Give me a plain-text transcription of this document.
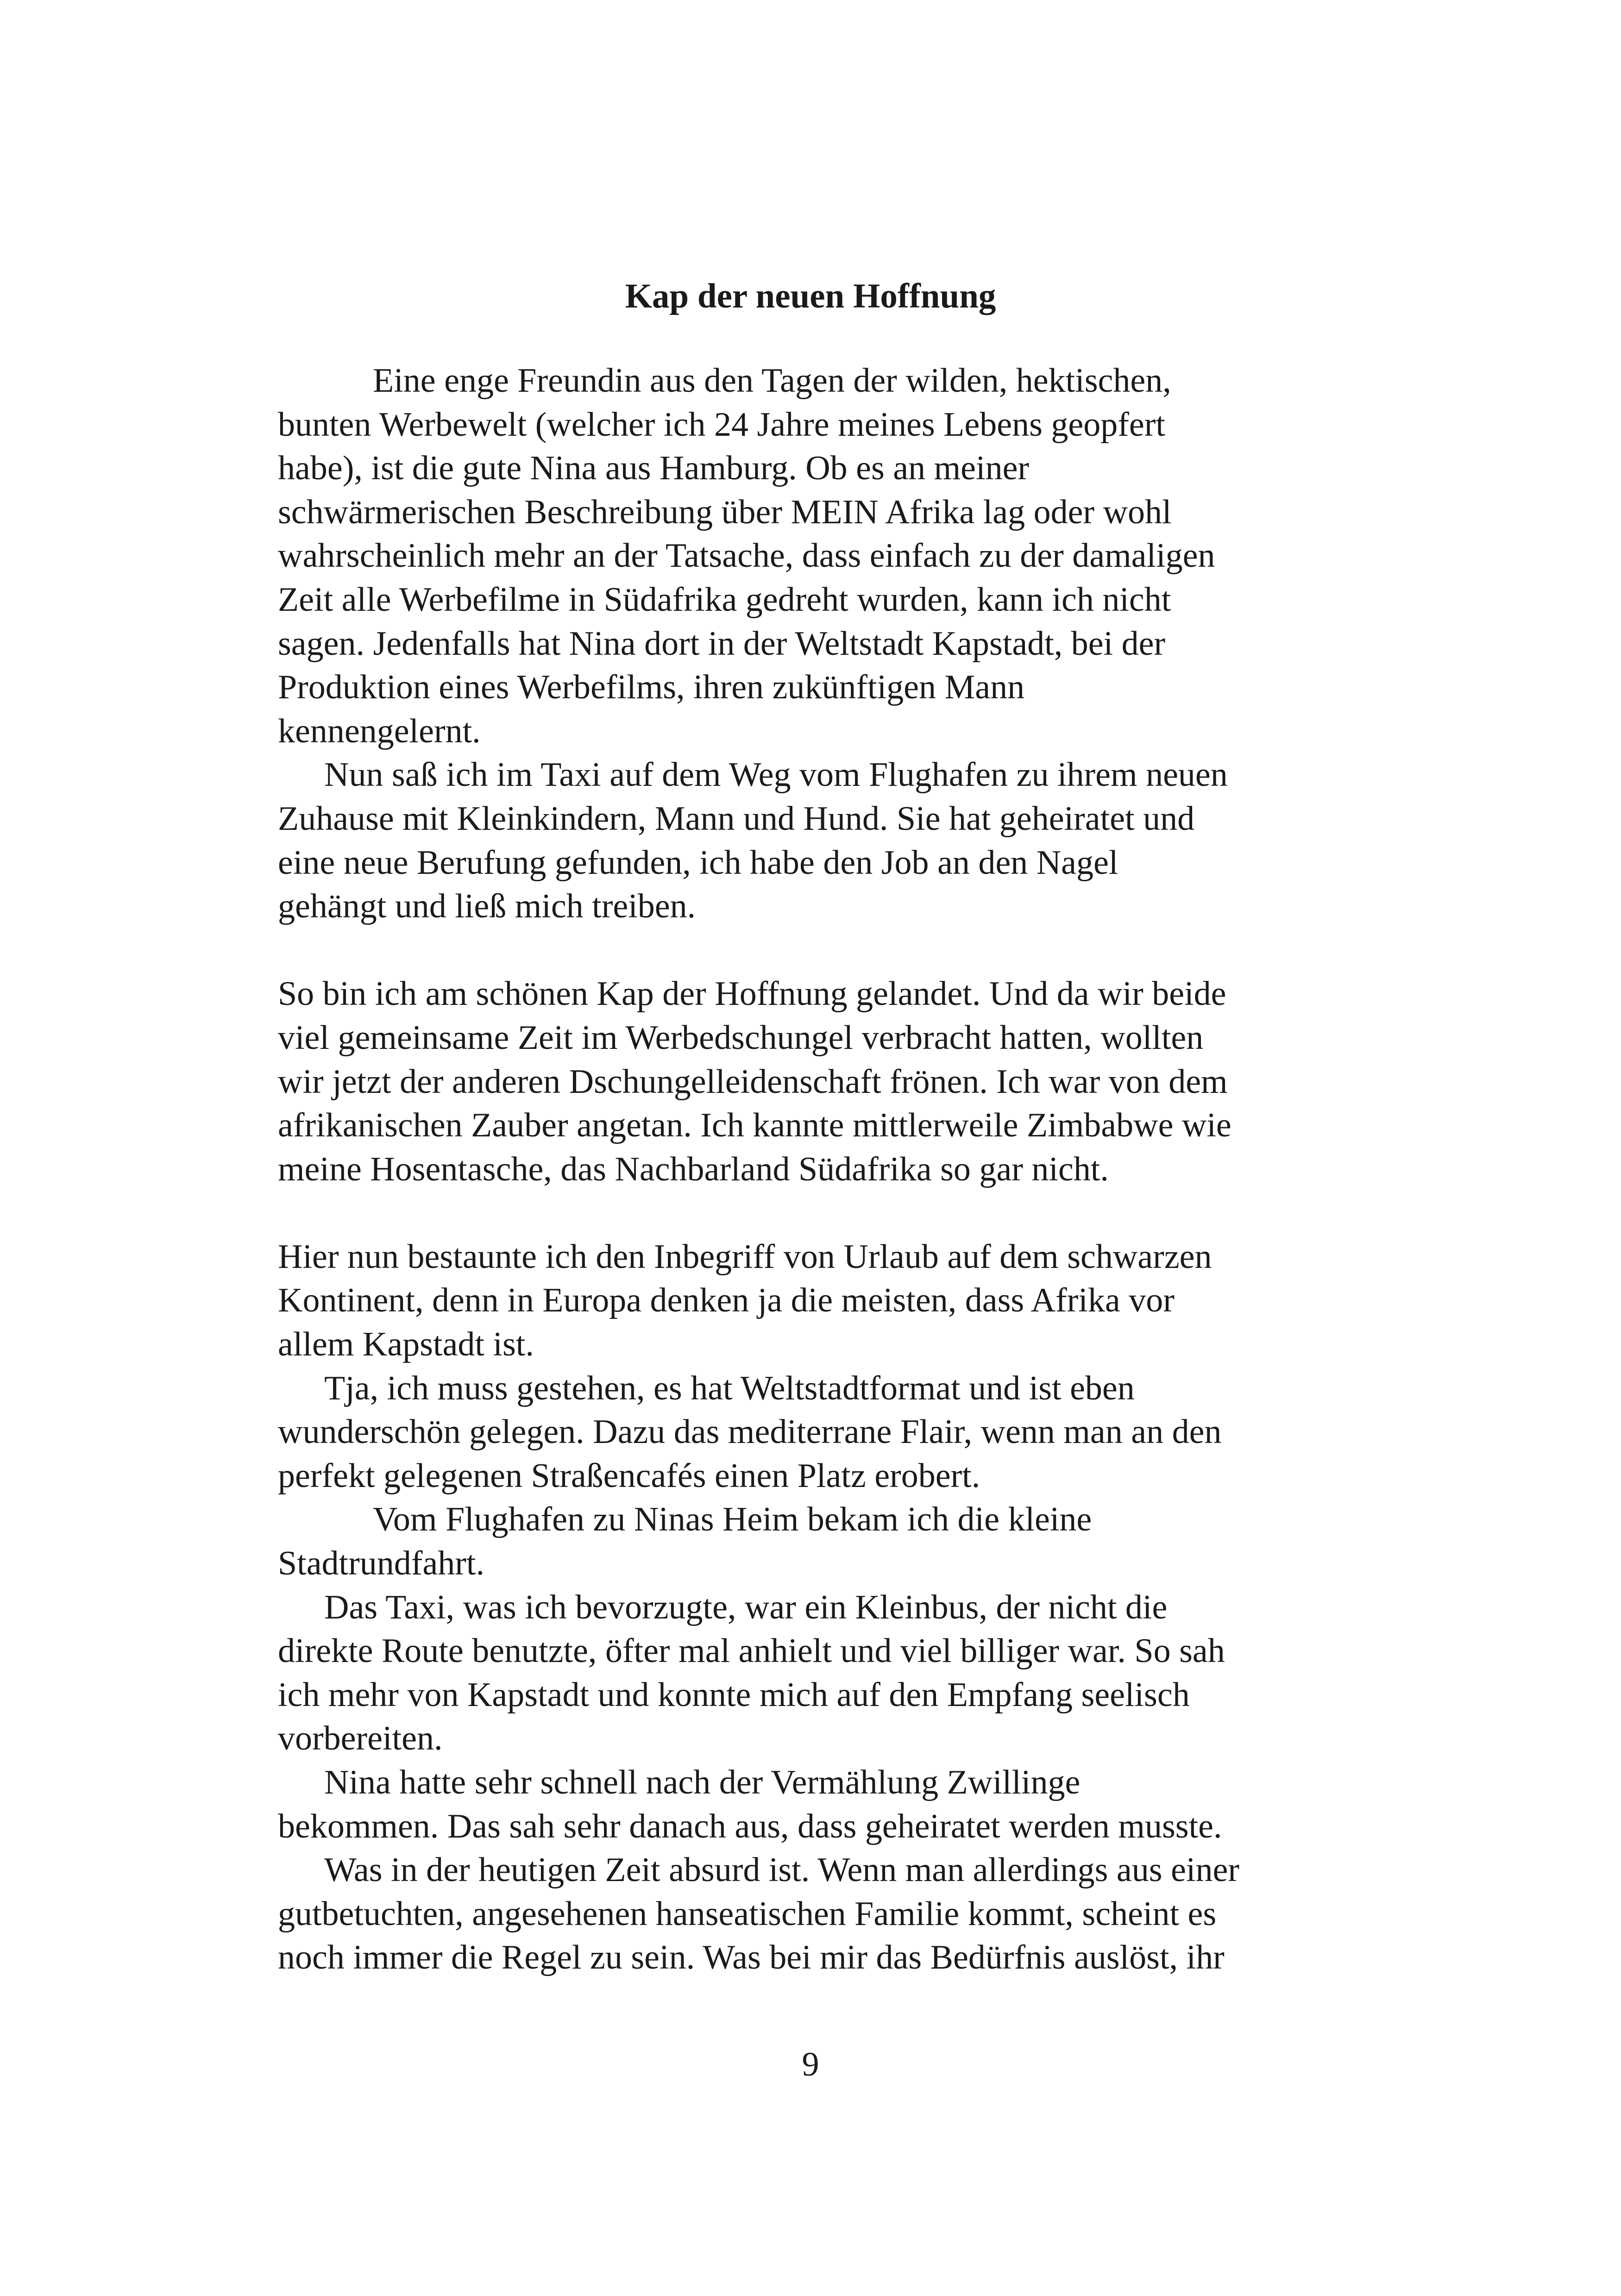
Kap der neuen Hoffnung

Eine enge Freundin aus den Tagen der wilden, hektischen,

bunten Werbewelt (welcher ich 24 Jahre meines Lebens geopfert

habe), ist die gute Nina aus Hamburg. Ob es an meiner

schwärmerischen Beschreibung über MEIN Afrika lag oder wohl

wahrscheinlich mehr an der Tatsache, dass einfach zu der damaligen

Zeit alle Werbefilme in Südafrika gedreht wurden, kann ich nicht

sagen. Jedenfalls hat Nina dort in der Weltstadt Kapstadt, bei der

Produktion eines Werbefilms, ihren zukünftigen Mann

kennengelernt.

Nun saß ich im Taxi auf dem Weg vom Flughafen zu ihrem neuen

Zuhause mit Kleinkindern, Mann und Hund. Sie hat geheiratet und

eine neue Berufung gefunden, ich habe den Job an den Nagel

gehängt und ließ mich treiben.

So bin ich am schönen Kap der Hoffnung gelandet. Und da wir beide

viel gemeinsame Zeit im Werbedschungel verbracht hatten, wollten

wir jetzt der anderen Dschungelleidenschaft frönen. Ich war von dem

afrikanischen Zauber angetan. Ich kannte mittlerweile Zimbabwe wie

meine Hosentasche, das Nachbarland Südafrika so gar nicht.

Hier nun bestaunte ich den Inbegriff von Urlaub auf dem schwarzen

Kontinent, denn in Europa denken ja die meisten, dass Afrika vor

allem Kapstadt ist.

Tja, ich muss gestehen, es hat Weltstadtformat und ist eben

wunderschön gelegen. Dazu das mediterrane Flair, wenn man an den

perfekt gelegenen Straßencafés einen Platz erobert.

Vom Flughafen zu Ninas Heim bekam ich die kleine

Stadtrundfahrt.

Das Taxi, was ich bevorzugte, war ein Kleinbus, der nicht die

direkte Route benutzte, öfter mal anhielt und viel billiger war. So sah

ich mehr von Kapstadt und konnte mich auf den Empfang seelisch

vorbereiten.

Nina hatte sehr schnell nach der Vermählung Zwillinge

bekommen. Das sah sehr danach aus, dass geheiratet werden musste.

Was in der heutigen Zeit absurd ist. Wenn man allerdings aus einer

gutbetuchten, angesehenen hanseatischen Familie kommt, scheint es

noch immer die Regel zu sein. Was bei mir das Bedürfnis auslöst, ihr

9
